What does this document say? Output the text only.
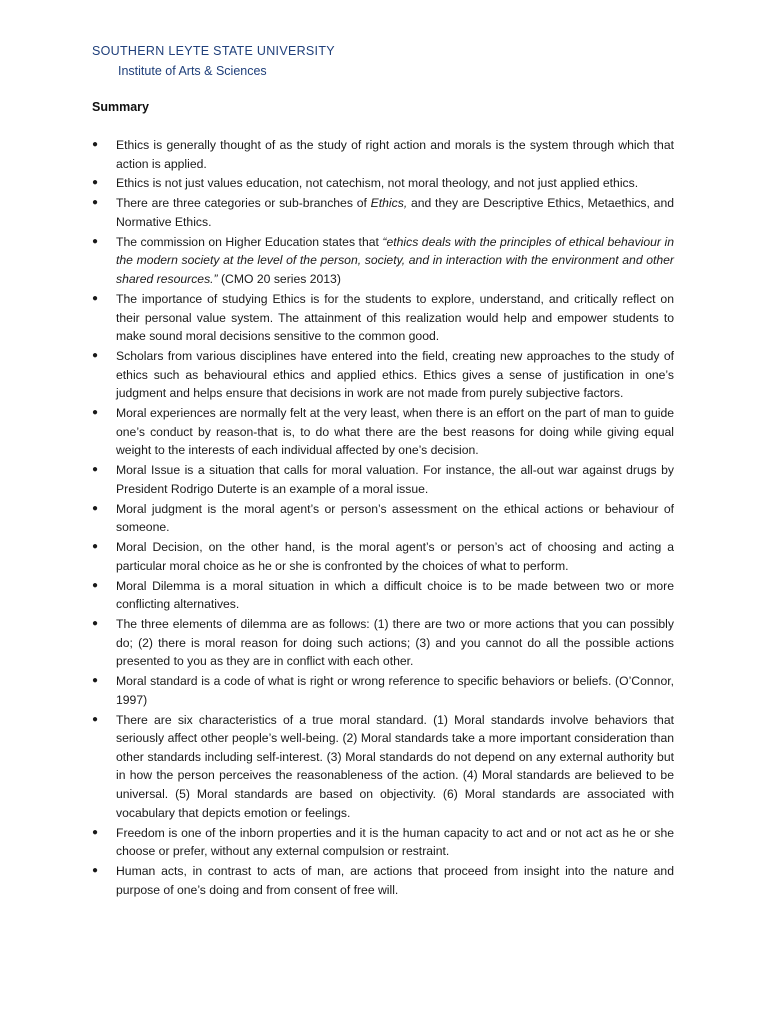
SOUTHERN LEYTE STATE UNIVERSITY
Institute of Arts & Sciences
Summary
● Ethics is generally thought of as the study of right action and morals is the system through which that action is applied.
● Ethics is not just values education, not catechism, not moral theology, and not just applied ethics.
● There are three categories or sub-branches of Ethics, and they are Descriptive Ethics, Metaethics, and Normative Ethics.
● The commission on Higher Education states that “ethics deals with the principles of ethical behaviour in the modern society at the level of the person, society, and in interaction with the environment and other shared resources.” (CMO 20 series 2013)
● The importance of studying Ethics is for the students to explore, understand, and critically reflect on their personal value system. The attainment of this realization would help and empower students to make sound moral decisions sensitive to the common good.
● Scholars from various disciplines have entered into the field, creating new approaches to the study of ethics such as behavioural ethics and applied ethics. Ethics gives a sense of justification in one’s judgment and helps ensure that decisions in work are not made from purely subjective factors.
● Moral experiences are normally felt at the very least, when there is an effort on the part of man to guide one’s conduct by reason-that is, to do what there are the best reasons for doing while giving equal weight to the interests of each individual affected by one’s decision.
● Moral Issue is a situation that calls for moral valuation. For instance, the all-out war against drugs by President Rodrigo Duterte is an example of a moral issue.
● Moral judgment is the moral agent’s or person’s assessment on the ethical actions or behaviour of someone.
● Moral Decision, on the other hand, is the moral agent’s or person’s act of choosing and acting a particular moral choice as he or she is confronted by the choices of what to perform.
● Moral Dilemma is a moral situation in which a difficult choice is to be made between two or more conflicting alternatives.
● The three elements of dilemma are as follows: (1) there are two or more actions that you can possibly do; (2) there is moral reason for doing such actions; (3) and you cannot do all the possible actions presented to you as they are in conflict with each other.
● Moral standard is a code of what is right or wrong reference to specific behaviors or beliefs. (O’Connor, 1997)
● There are six characteristics of a true moral standard. (1) Moral standards involve behaviors that seriously affect other people’s well-being. (2) Moral standards take a more important consideration than other standards including self-interest. (3) Moral standards do not depend on any external authority but in how the person perceives the reasonableness of the action. (4) Moral standards are believed to be universal. (5) Moral standards are based on objectivity. (6) Moral standards are associated with vocabulary that depicts emotion or feelings.
● Freedom is one of the inborn properties and it is the human capacity to act and or not act as he or she choose or prefer, without any external compulsion or restraint.
● Human acts, in contrast to acts of man, are actions that proceed from insight into the nature and purpose of one’s doing and from consent of free will.
